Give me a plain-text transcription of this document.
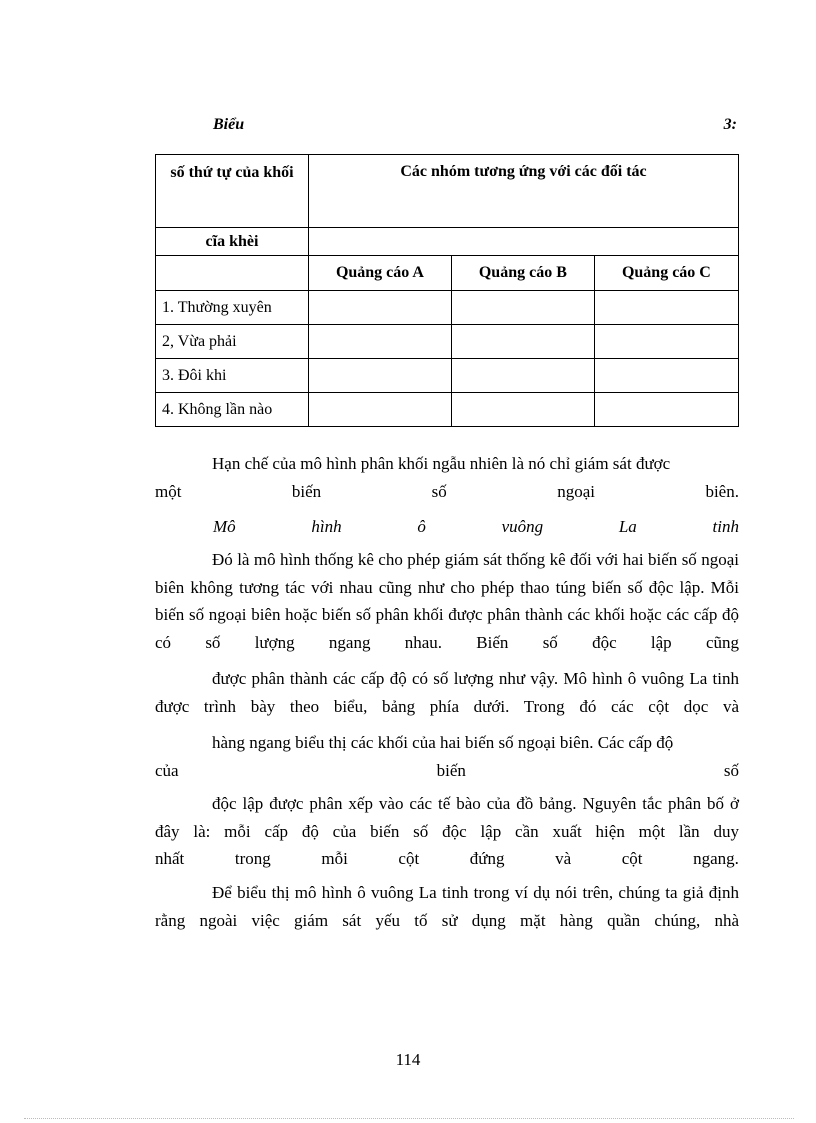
Biểu	3:
số thứ tự của khối	Các nhóm tương ứng với các đối tác		
cĩa khèi			
	Quảng cáo A	Quảng cáo B	Quảng cáo C
1. Thường xuyên			
2, Vừa phải			
3. Đôi khi			
4. Không lần nào			
Hạn chế của mô hình phân khối ngẫu nhiên là nó chỉ giám sát được
một	biến	số	ngoại	biên.
Mô	hình	ô	vuông	La	tinh
Đó là mô hình thống kê cho phép giám sát thống kê đối với hai biến số ngoại biên không tương tác với nhau cũng như cho phép thao túng biến số độc lập. Mỗi biến số ngoại biên hoặc biến số phân khối được phân thành các khối hoặc các cấp độ có số lượng ngang nhau. Biến số độc lập cũng
được phân thành các cấp độ có số lượng như vậy. Mô hình ô vuông La tinh được trình bày theo biểu, bảng phía dưới. Trong đó các cột dọc và
hàng ngang biểu thị các khối của hai biến số ngoại biên. Các cấp độ
của	biến	số
độc lập được phân xếp vào các tế bào của đồ bảng. Nguyên tắc phân bố ở đây là: mỗi cấp độ của biến số độc lập cần xuất hiện một lần duy
nhất	trong	mỗi	cột	đứng	và	cột	ngang.
Để biểu thị mô hình ô vuông La tinh trong ví dụ nói trên, chúng ta giả định rằng ngoài việc giám sát yếu tố sử dụng mặt hàng quần chúng, nhà
114
